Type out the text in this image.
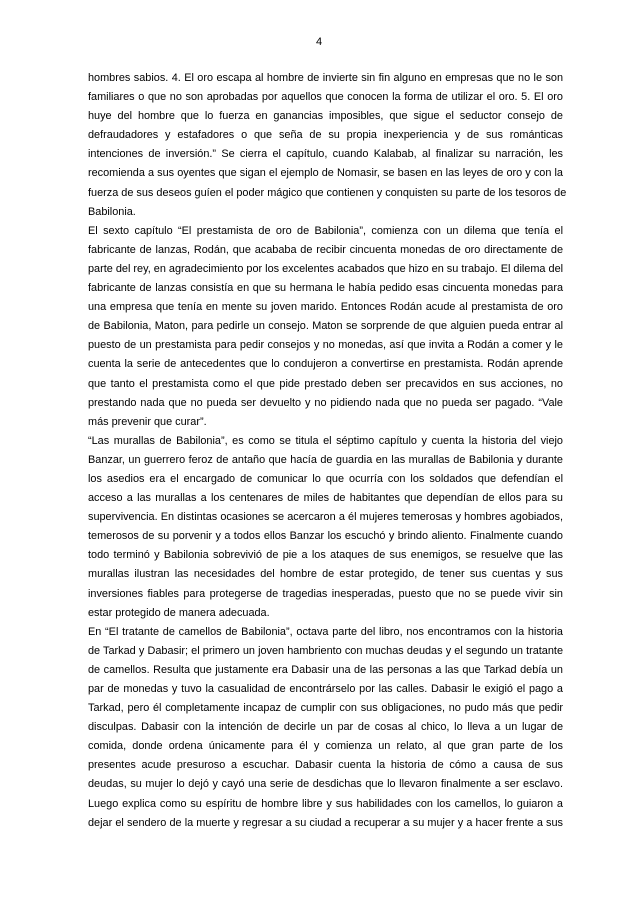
4
hombres sabios. 4. El oro escapa al hombre de invierte sin fin alguno en empresas que no le son
familiares o que no son aprobadas por aquellos que conocen la forma de utilizar el oro. 5. El oro
huye del hombre que lo fuerza en ganancias imposibles, que sigue el seductor consejo de
defraudadores y estafadores o que seña de su propia inexperiencia y de sus románticas
intenciones de inversión.” Se cierra el capítulo, cuando Kalabab, al finalizar su narración, les
recomienda a sus oyentes que sigan el ejemplo de Nomasir, se basen en las leyes de oro y con la
fuerza de sus deseos guíen el poder mágico que contienen y conquisten su parte de los tesoros de
Babilonia.
El sexto capítulo “El prestamista de oro de Babilonia”, comienza con un dilema que tenía el
fabricante de lanzas, Rodán, que acababa de recibir cincuenta monedas de oro directamente de
parte del rey, en agradecimiento por los excelentes acabados que hizo en su trabajo. El dilema del
fabricante de lanzas consistía en que su hermana le había pedido esas cincuenta monedas para
una empresa que tenía en mente su joven marido. Entonces Rodán acude al prestamista de oro
de Babilonia, Maton, para pedirle un consejo. Maton se sorprende de que alguien pueda entrar al
puesto de un prestamista para pedir consejos y no monedas, así que invita a Rodán a comer y le
cuenta la serie de antecedentes que lo condujeron a convertirse en prestamista. Rodán aprende
que tanto el prestamista como el que pide prestado deben ser precavidos en sus acciones, no
prestando nada que no pueda ser devuelto y no pidiendo nada que no pueda ser pagado. “Vale
más prevenir que curar”.
“Las murallas de Babilonia”, es como se titula el séptimo capítulo y cuenta la historia del viejo
Banzar, un guerrero feroz de antaño que hacía de guardia en las murallas de Babilonia y durante
los asedios era el encargado de comunicar lo que ocurría con los soldados que defendían el
acceso a las murallas a los centenares de miles de habitantes que dependían de ellos para su
supervivencia. En distintas ocasiones se acercaron a él mujeres temerosas y hombres agobiados,
temerosos de su porvenir y a todos ellos Banzar los escuchó y brindo aliento. Finalmente cuando
todo terminó y Babilonia sobrevivió de pie a los ataques de sus enemigos, se resuelve que las
murallas ilustran las necesidades del hombre de estar protegido, de tener sus cuentas y sus
inversiones fiables para protegerse de tragedias inesperadas, puesto que no se puede vivir sin
estar protegido de manera adecuada.
En “El tratante de camellos de Babilonia”, octava parte del libro, nos encontramos con la historia
de Tarkad y Dabasir; el primero un joven hambriento con muchas deudas y el segundo un tratante
de camellos. Resulta que justamente era Dabasir una de las personas a las que Tarkad debía un
par de monedas y tuvo la casualidad de encontrárselo por las calles. Dabasir le exigió el pago a
Tarkad, pero él completamente incapaz de cumplir con sus obligaciones, no pudo más que pedir
disculpas. Dabasir con la intención de decirle un par de cosas al chico, lo lleva a un lugar de
comida, donde ordena únicamente para él y comienza un relato, al que gran parte de los
presentes acude presuroso a escuchar. Dabasir cuenta la historia de cómo a causa de sus
deudas, su mujer lo dejó y cayó una serie de desdichas que lo llevaron finalmente a ser esclavo.
Luego explica como su espíritu de hombre libre y sus habilidades con los camellos, lo guiaron a
dejar el sendero de la muerte y regresar a su ciudad a recuperar a su mujer y a hacer frente a sus
